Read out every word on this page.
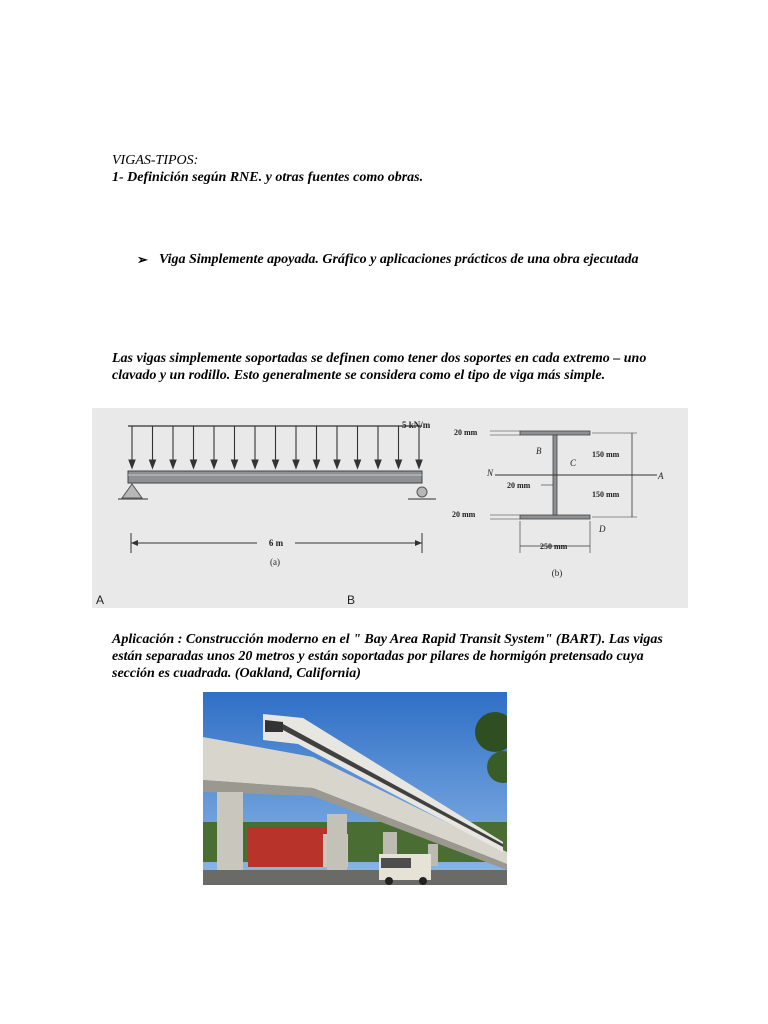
VIGAS-TIPOS:
1- Definición según RNE. y otras fuentes como obras.
➢ Viga Simplemente apoyada. Gráfico y aplicaciones prácticos de una obra ejecutada
Las vigas simplemente soportadas se definen como tener dos soportes en cada extremo – uno clavado y un rodillo. Esto generalmente se considera como el tipo de viga más simple.
6 m
(a)
5 kN/m
N	A
150 mm
150 mm
20 mm
20 mm
20 mm
250 mm
B
C
D
(b)
A	B
Aplicación : Construcción moderno en el " Bay Area Rapid Transit System" (BART). Las vigas están separadas unos 20 metros y están soportadas por pilares de hormigón pretensado cuya sección es cuadrada. (Oakland, California)
